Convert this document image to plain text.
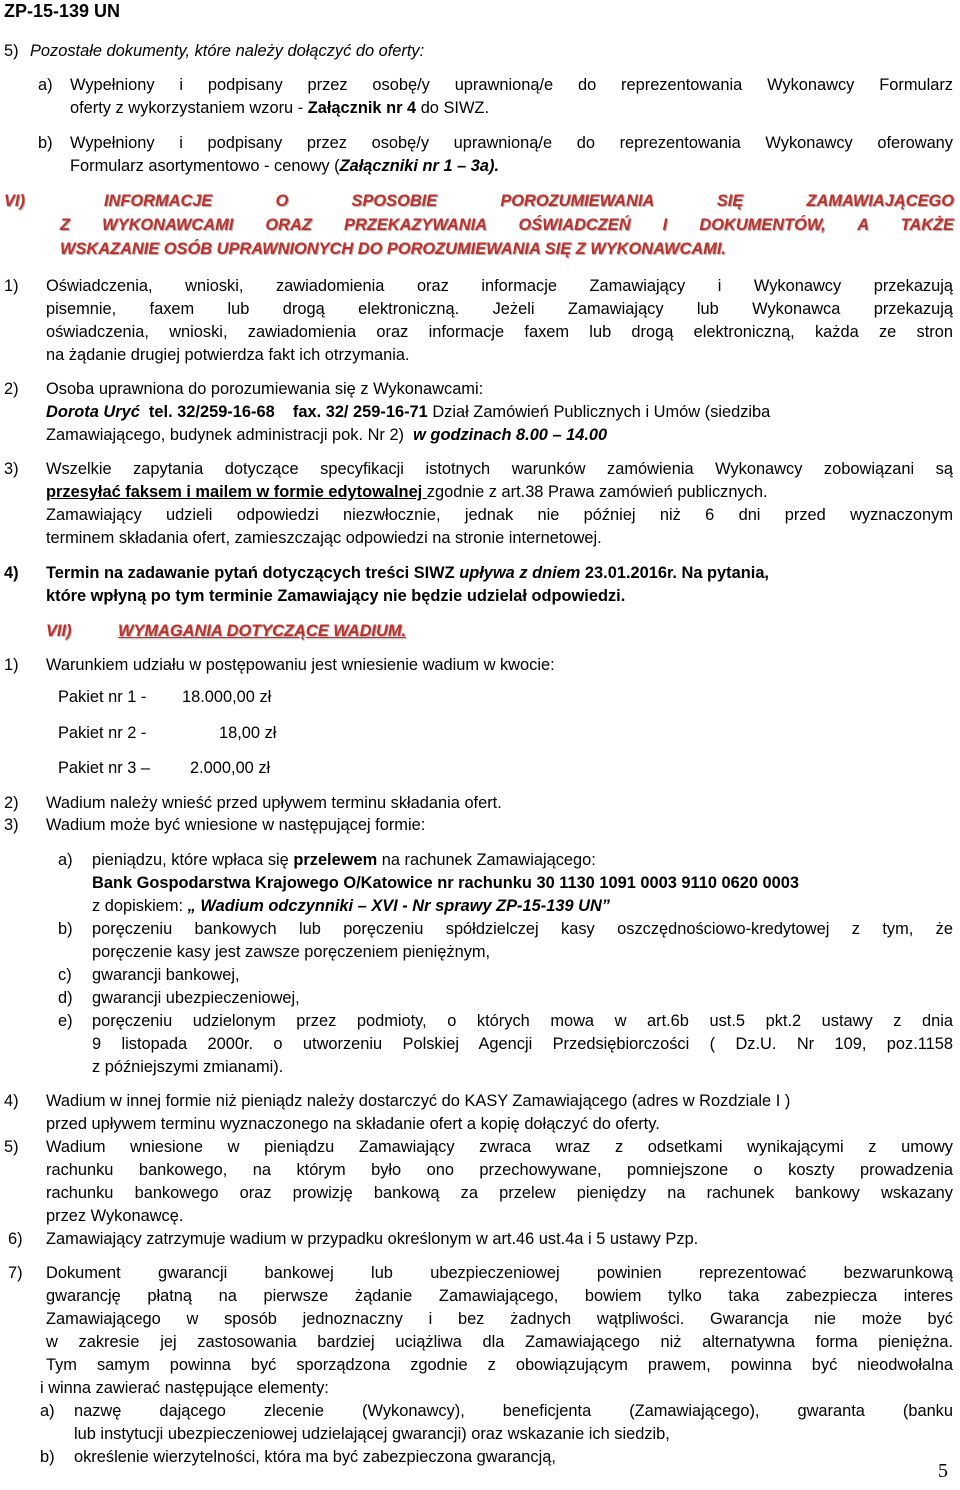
ZP-15-139 UN
5) Pozostałe dokumenty, które należy dołączyć do oferty:
a) Wypełniony i podpisany przez osobę/y uprawnioną/e do reprezentowania Wykonawcy Formularz
oferty z wykorzystaniem wzoru - Załącznik nr 4 do SIWZ.
b) Wypełniony i podpisany przez osobę/y uprawnioną/e do reprezentowania Wykonawcy oferowany
Formularz asortymentowo - cenowy (Załączniki nr 1 – 3a).
VI)	INFORMACJE O SPOSOBIE POROZUMIEWANIA SIĘ ZAMAWIAJĄCEGO
Z WYKONAWCAMI ORAZ PRZEKAZYWANIA OŚWIADCZEŃ I DOKUMENTÓW, A TAKŻE
WSKAZANIE OSÓB UPRAWNIONYCH DO POROZUMIEWANIA SIĘ Z WYKONAWCAMI.
1) Oświadczenia, wnioski, zawiadomienia oraz informacje Zamawiający i Wykonawcy przekazują
pisemnie, faxem lub drogą elektroniczną. Jeżeli Zamawiający lub Wykonawca przekazują
oświadczenia, wnioski, zawiadomienia oraz informacje faxem lub drogą elektroniczną, każda ze stron
na żądanie drugiej potwierdza fakt ich otrzymania.
2) Osoba uprawniona do porozumiewania się z Wykonawcami:
Dorota Uryć  tel. 32/259-16-68    fax. 32/ 259-16-71 Dział Zamówień Publicznych i Umów (siedziba
Zamawiającego, budynek administracji pok. Nr 2)  w godzinach 8.00 – 14.00
3) Wszelkie zapytania dotyczące specyfikacji istotnych warunków zamówienia Wykonawcy zobowiązani są
przesyłać faksem i mailem w formie edytowalnej zgodnie z art.38 Prawa zamówień publicznych.
Zamawiający udzieli odpowiedzi niezwłocznie, jednak nie później niż 6 dni przed wyznaczonym
terminem składania ofert, zamieszczając odpowiedzi na stronie internetowej.
4) Termin na zadawanie pytań dotyczących treści SIWZ upływa z dniem 23.01.2016r. Na pytania,
które wpłyną po tym terminie Zamawiający nie będzie udzielał odpowiedzi.
VII)	WYMAGANIA DOTYCZĄCE WADIUM.
1) Warunkiem udziału w postępowaniu jest wniesienie wadium w kwocie:
Pakiet nr 1 - 18.000,00 zł
Pakiet nr 2 -	18,00 zł
Pakiet nr 3 – 2.000,00 zł
2) Wadium należy wnieść przed upływem terminu składania ofert.
3) Wadium może być wniesione w następującej formie:
a) pieniądzu, które wpłaca się przelewem na rachunek Zamawiającego:
Bank Gospodarstwa Krajowego O/Katowice nr rachunku 30 1130 1091 0003 9110 0620 0003
z dopiskiem: „ Wadium odczynniki – XVI - Nr sprawy ZP-15-139 UN”
b) poręczeniu bankowych lub poręczeniu spółdzielczej kasy oszczędnościowo-kredytowej z tym, że
poręczenie kasy jest zawsze poręczeniem pieniężnym,
c) gwarancji bankowej,
d) gwarancji ubezpieczeniowej,
e) poręczeniu udzielonym przez podmioty, o których mowa w art.6b ust.5 pkt.2 ustawy z dnia
9 listopada 2000r. o utworzeniu Polskiej Agencji Przedsiębiorczości ( Dz.U. Nr 109, poz.1158
z późniejszymi zmianami).
4) Wadium w innej formie niż pieniądz należy dostarczyć do KASY Zamawiającego (adres w Rozdziale I )
przed upływem terminu wyznaczonego na składanie ofert a kopię dołączyć do oferty.
5) Wadium wniesione w pieniądzu Zamawiający zwraca wraz z odsetkami wynikającymi z umowy
rachunku bankowego, na którym było ono przechowywane, pomniejszone o koszty prowadzenia
rachunku bankowego oraz prowizję bankową za przelew pieniędzy na rachunek bankowy wskazany
przez Wykonawcę.
6) Zamawiający zatrzymuje wadium w przypadku określonym w art.46 ust.4a i 5 ustawy Pzp.
7) Dokument gwarancji bankowej lub ubezpieczeniowej powinien reprezentować bezwarunkową
gwarancję płatną na pierwsze żądanie Zamawiającego, bowiem tylko taka zabezpiecza interes
Zamawiającego w sposób jednoznaczny i bez żadnych wątpliwości. Gwarancja nie może być
w zakresie jej zastosowania bardziej uciążliwa dla Zamawiającego niż alternatywna forma pieniężna.
Tym samym powinna być sporządzona zgodnie z obowiązującym prawem, powinna być nieodwołalna
i winna zawierać następujące elementy:
a) nazwę dającego zlecenie (Wykonawcy), beneficjenta (Zamawiającego), gwaranta (banku
lub instytucji ubezpieczeniowej udzielającej gwarancji) oraz wskazanie ich siedzib,
b) określenie wierzytelności, która ma być zabezpieczona gwarancją,
5
